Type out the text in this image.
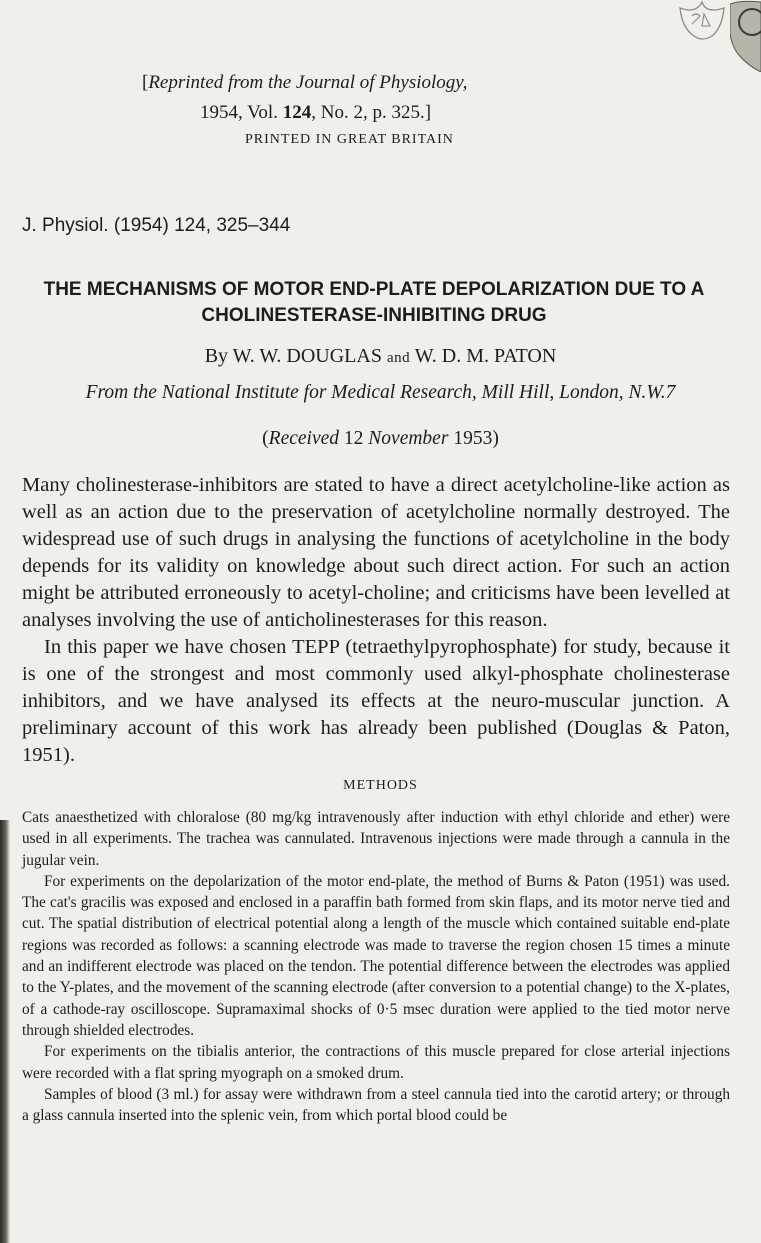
[Reprinted from the Journal of Physiology,
1954, Vol. 124, No. 2, p. 325.]
PRINTED IN GREAT BRITAIN
J. Physiol. (1954) 124, 325–344
THE MECHANISMS OF MOTOR END-PLATE DEPOLARIZATION DUE TO A CHOLINESTERASE-INHIBITING DRUG
By W. W. DOUGLAS and W. D. M. PATON
From the National Institute for Medical Research, Mill Hill, London, N.W.7
(Received 12 November 1953)

Many cholinesterase-inhibitors are stated to have a direct acetylcholine-like action as well as an action due to the preservation of acetylcholine normally destroyed. The widespread use of such drugs in analysing the functions of acetylcholine in the body depends for its validity on knowledge about such direct action. For such an action might be attributed erroneously to acetyl-choline; and criticisms have been levelled at analyses involving the use of anticholinesterases for this reason.

In this paper we have chosen TEPP (tetraethylpyrophosphate) for study, because it is one of the strongest and most commonly used alkyl-phosphate cholinesterase inhibitors, and we have analysed its effects at the neuro-muscular junction. A preliminary account of this work has already been published (Douglas & Paton, 1951).

METHODS

Cats anaesthetized with chloralose (80 mg/kg intravenously after induction with ethyl chloride and ether) were used in all experiments. The trachea was cannulated. Intravenous injections were made through a cannula in the jugular vein.

For experiments on the depolarization of the motor end-plate, the method of Burns & Paton (1951) was used. The cat's gracilis was exposed and enclosed in a paraffin bath formed from skin flaps, and its motor nerve tied and cut. The spatial distribution of electrical potential along a length of the muscle which contained suitable end-plate regions was recorded as follows: a scanning electrode was made to traverse the region chosen 15 times a minute and an indifferent electrode was placed on the tendon. The potential difference between the electrodes was applied to the Y-plates, and the movement of the scanning electrode (after conversion to a potential change) to the X-plates, of a cathode-ray oscilloscope. Supramaximal shocks of 0·5 msec duration were applied to the tied motor nerve through shielded electrodes.

For experiments on the tibialis anterior, the contractions of this muscle prepared for close arterial injections were recorded with a flat spring myograph on a smoked drum.

Samples of blood (3 ml.) for assay were withdrawn from a steel cannula tied into the carotid artery; or through a glass cannula inserted into the splenic vein, from which portal blood could be
